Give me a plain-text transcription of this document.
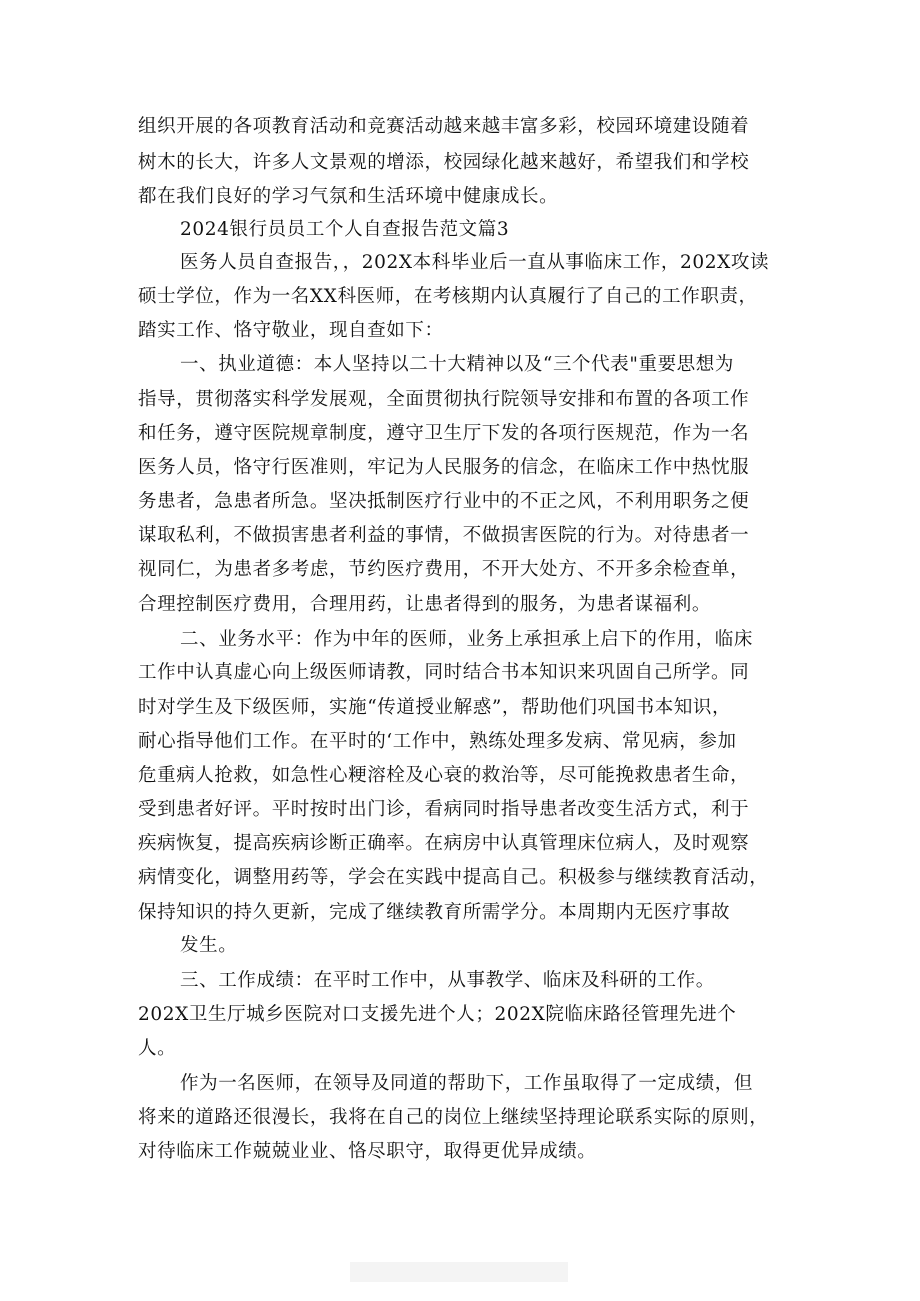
组织开展的各项教育活动和竞赛活动越来越丰富多彩，校园环境建设随着
树木的长大，许多人文景观的增添，校园绿化越来越好，希望我们和学校
都在我们良好的学习气氛和生活环境中健康成长。
2024银行员员工个人自查报告范文篇3
医务人员自查报告，，202X本科毕业后一直从事临床工作，202X攻读
硕士学位，作为一名XX科医师，在考核期内认真履行了自己的工作职责，
踏实工作、恪守敬业，现自查如下：
一、执业道德：本人坚持以二十大精神以及“三个代表"重要思想为
指导，贯彻落实科学发展观，全面贯彻执行院领导安排和布置的各项工作
和任务，遵守医院规章制度，遵守卫生厅下发的各项行医规范，作为一名
医务人员，恪守行医准则，牢记为人民服务的信念，在临床工作中热忱服
务患者，急患者所急。坚决抵制医疗行业中的不正之风，不利用职务之便
谋取私利，不做损害患者利益的事情，不做损害医院的行为。对待患者一
视同仁，为患者多考虑，节约医疗费用，不开大处方、不开多余检查单，
合理控制医疗费用，合理用药，让患者得到的服务，为患者谋福利。
二、业务水平：作为中年的医师，业务上承担承上启下的作用，临床
工作中认真虚心向上级医师请教，同时结合书本知识来巩固自己所学。同
时对学生及下级医师，实施“传道授业解惑”，帮助他们巩国书本知识，
耐心指导他们工作。在平时的‘工作中，熟练处理多发病、常见病，参加
危重病人抢救，如急性心粳溶栓及心衰的救治等，尽可能挽救患者生命，
受到患者好评。平时按时出门诊，看病同时指导患者改变生活方式，利于
疾病恢复，提高疾病诊断正确率。在病房中认真管理床位病人，及时观察
病情变化，调整用药等，学会在实践中提高自己。积极参与继续教育活动，
保持知识的持久更新，完成了继续教育所需学分。本周期内无医疗事故
发生。
三、工作成绩：在平时工作中，从事教学、临床及科研的工作。
202X卫生厅城乡医院对口支援先进个人；202X院临床路径管理先进个
人。
作为一名医师，在领导及同道的帮助下，工作虽取得了一定成绩，但
将来的道路还很漫长，我将在自己的岗位上继续坚持理论联系实际的原则，
对待临床工作兢兢业业、恪尽职守，取得更优异成绩。
